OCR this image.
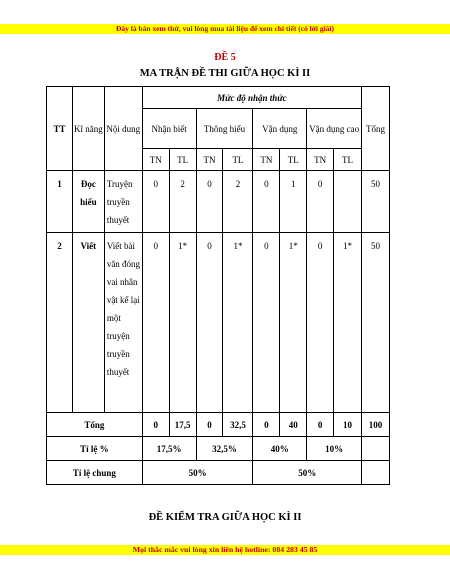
Đây là bản xem thử, vui lòng mua tài liệu để xem chi tiết (có lời giải)
ĐỀ 5
MA TRẬN ĐỀ THI GIỮA HỌC KÌ II
TT	Kĩ năng	Nội dung	Mức độ nhận thức								Tổng
			Nhận biết		Thông hiểu		Vận dụng		Vận dụng cao		
			TN	TL	TN	TL	TN	TL	TN	TL	
1	Đọc hiểu	Truyện truyền thuyết	0	2	0	2	0	1	0		50
2	Viết	Viết bài văn đóng vai nhân vật kể lại một truyện truyền thuyết	0	1*	0	1*	0	1*	0	1*	50
Tổng			0	17,5	0	32,5	0	40	0	10	100
Tỉ lệ %			17,5%		32,5%		40%		10%		
Tỉ lệ chung			50%				50%				
ĐỀ KIỂM TRA GIỮA HỌC KÌ II
Mọi thắc mắc vui lòng xin liên hệ hotline: 084 283 45 85
